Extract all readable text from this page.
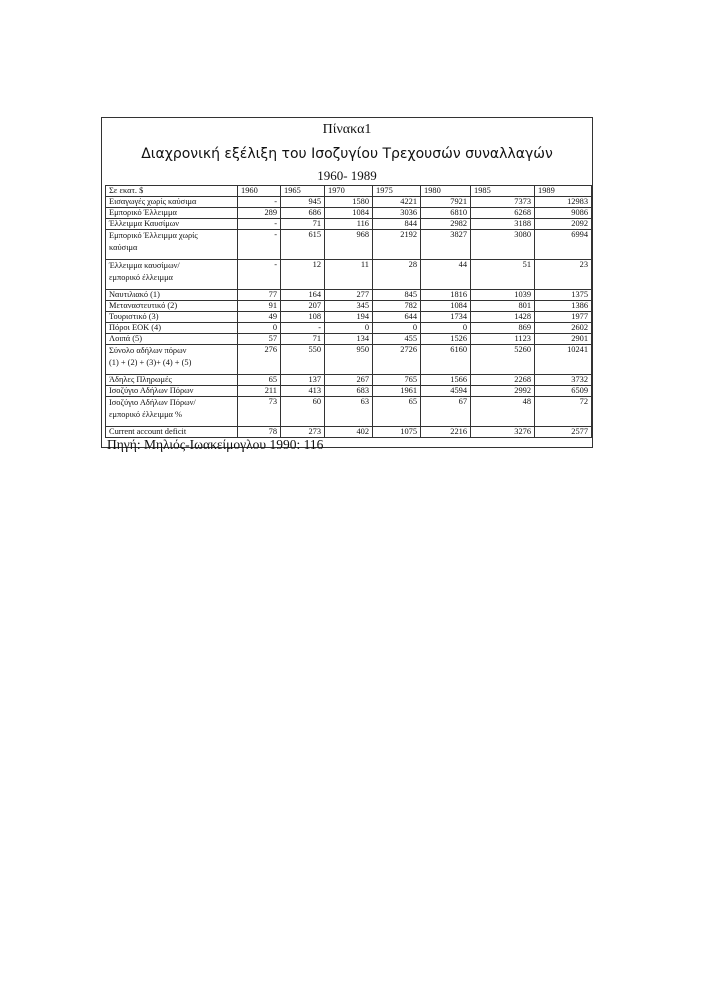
Πίνακα1
Διαχρονική εξέλιξη του Ισοζυγίου Τρεχουσών συναλλαγών
1960- 1989
Σε εκατ. $	1960	1965	1970	1975	1980	1985	1989
Εισαγωγές χωρίς καύσιμα	-	945	1580	4221	7921	7373	12983
Εμπορικό Έλλειμμα	289	686	1084	3036	6810	6268	9086
Έλλειμμα Καυσίμων	-	71	116	844	2982	3188	2092

Εμπορικό Έλλειμμα χωρίς
καύσιμα	-	615	968	2192	3827	3080	6994

Έλλειμμα καυσίμων/
εμπορικό έλλειμμα	-	12	11	28	44	51	23
Ναυτιλιακό (1)	77	164	277	845	1816	1039	1375
Μεταναστευτικό (2)	91	207	345	782	1084	801	1386
Τουριστικό (3)	49	108	194	644	1734	1428	1977
Πόροι ΕΟΚ (4)	0	-	0	0	0	869	2602
Λοιπά (5)	57	71	134	455	1526	1123	2901

Σύνολο αδήλων πόρων
(1) + (2) + (3)+ (4) + (5)	276	550	950	2726	6160	5260	10241
Άδηλες Πληρωμές	65	137	267	765	1566	2268	3732
Ισοζύγιο Αδήλων Πόρων	211	413	683	1961	4594	2992	6509

Ισοζύγιο Αδήλων Πόρων/
εμπορικό έλλειμμα %	73	60	63	65	67	48	72
Current account deficit	78	273	402	1075	2216	3276	2577
Πηγή: Μηλιός-Ιωακείμογλου 1990: 116
